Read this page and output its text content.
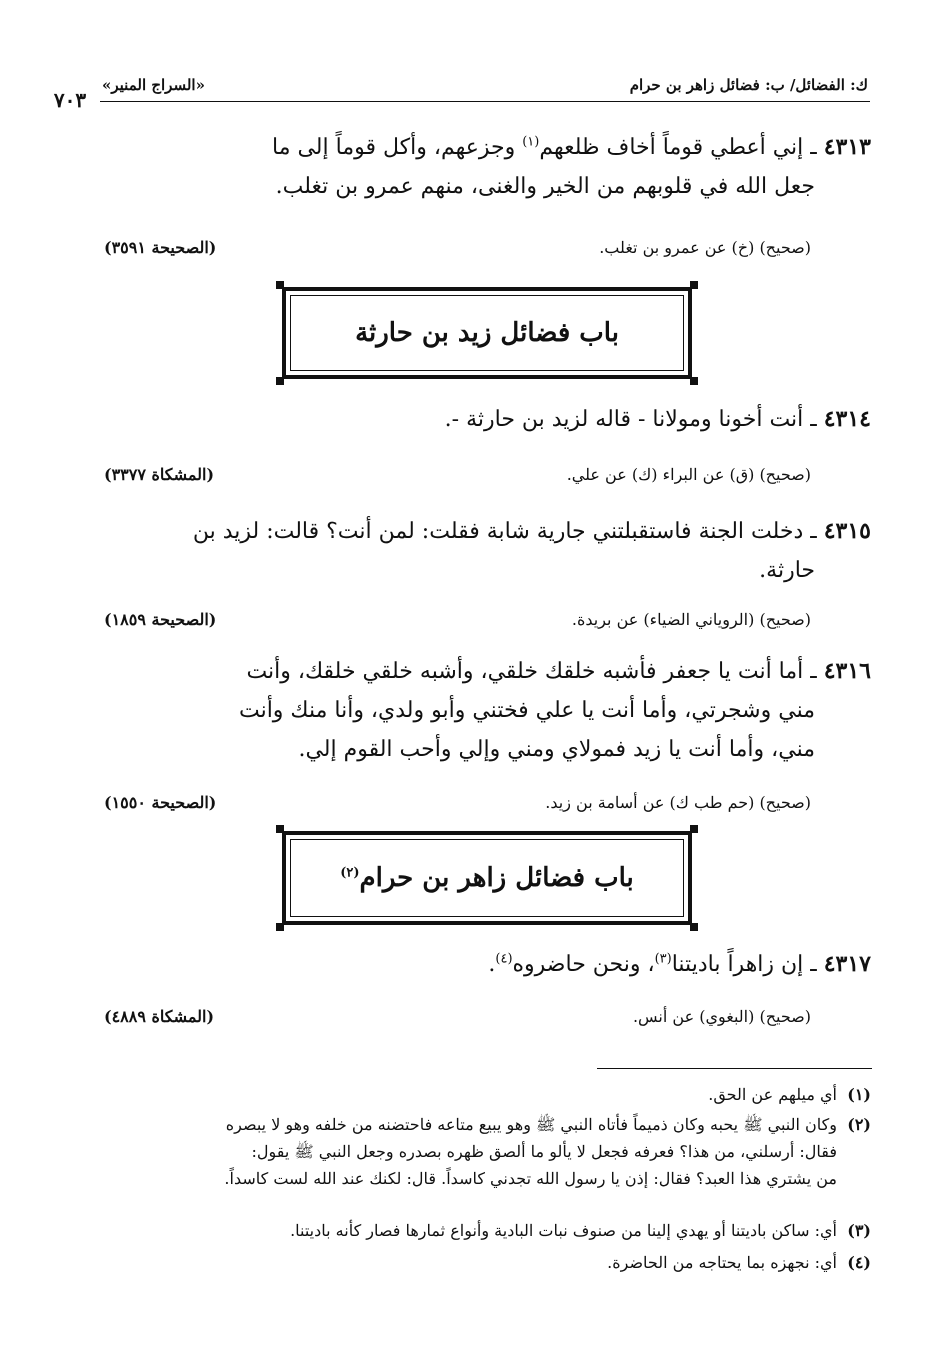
ك: الفضائل/ ب: فضائل زاهر بن حرام
«السراج المنير»
٧٠٣
٤٣١٣ ـ إني أعطي قوماً أخاف ظلعهم$^{(١)}$ وجزعهم، وأكل قوماً إلى ما
جعل الله في قلوبهم من الخير والغنى، منهم عمرو بن تغلب.
(صحيح) (خ) عن عمرو بن تغلب.
(الصحيحة ٣٥٩١)
باب فضائل زيد بن حارثة
٤٣١٤ ـ أنت أخونا ومولانا - قاله لزيد بن حارثة -.
(صحيح) (ق) عن البراء (ك) عن علي.
(المشكاة ٣٣٧٧)
٤٣١٥ ـ دخلت الجنة فاستقبلتني جارية شابة فقلت: لمن أنت؟ قالت: لزيد بن
حارثة.
(صحيح) (الروياني الضياء) عن بريدة.
(الصحيحة ١٨٥٩)
٤٣١٦ ـ أما أنت يا جعفر فأشبه خلقك خلقي، وأشبه خلقي خلقك، وأنت
مني وشجرتي، وأما أنت يا علي فختني وأبو ولدي، وأنا منك وأنت
مني، وأما أنت يا زيد فمولاي ومني وإلي وأحب القوم إلي.
(صحيح) (حم طب ك) عن أسامة بن زيد.
(الصحيحة ١٥٥٠)
باب فضائل زاهر بن حرام$^{(٢)}$
٤٣١٧ ـ إن زاهراً باديتنا$^{(٣)}$، ونحن حاضروه$^{(٤)}$.
(صحيح) (البغوي) عن أنس.
(المشكاة ٤٨٨٩)
(١)أي ميلهم عن الحق.
(٢)وكان النبي ﷺ يحبه وكان ذميماً فأتاه النبي ﷺ وهو يبيع متاعه فاحتضنه من خلفه وهو لا يبصره
فقال: أرسلني، من هذا؟ فعرفه فجعل لا يألو ما ألصق ظهره بصدره وجعل النبي ﷺ يقول:
من يشتري هذا العبد؟ فقال: إذن يا رسول الله تجدني كاسداً. قال: لكنك عند الله لست كاسداً.
(٣)أي: ساكن باديتنا أو يهدي إلينا من صنوف نبات البادية وأنواع ثمارها فصار كأنه باديتنا.
(٤)أي: نجهزه بما يحتاجه من الحاضرة.
